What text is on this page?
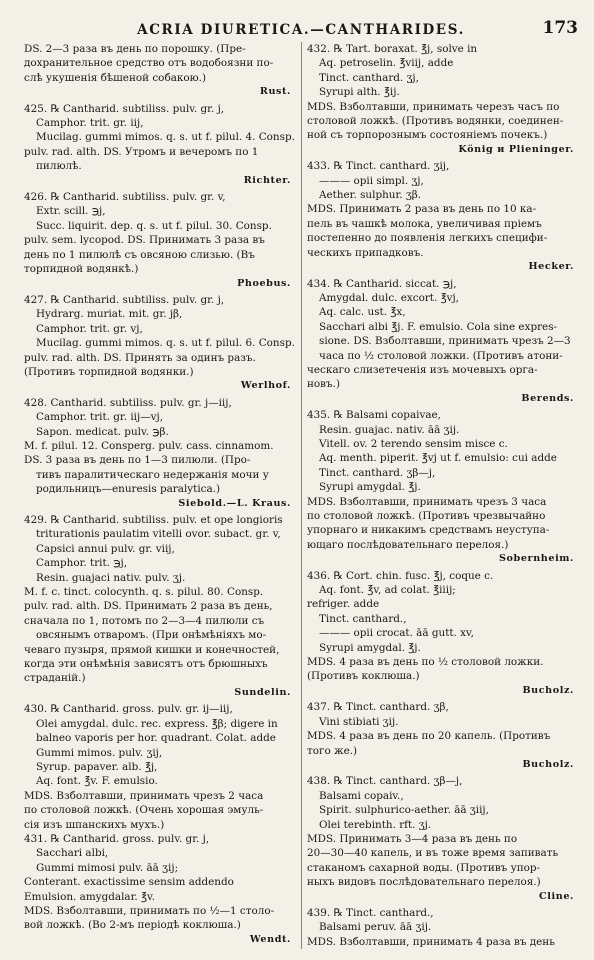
ACRIA DIURETICA.—CANTHARIDES.	173
DS. 2—3 раза въ день по порошку. (Пре-
дохранительное средство отъ водобоязни по-
слѣ укушенія бѣшеной собакою.)
Rust.
425. ℞ Cantharid. subtiliss. pulv. gr. j,
Camphor. trit. gr. iij,
Mucilag. gummi mimos. q. s. ut f. pilul. 4. Consp.
pulv. rad. alth. DS. Утромъ и вечеромъ по 1
пилюлѣ.
Richter.
426. ℞ Cantharid. subtiliss. pulv. gr. v,
Extr. scill. ℈j,
Succ. liquirit. dep. q. s. ut f. pilul. 30. Consp.
pulv. sem. lycopod. DS. Принимать 3 раза въ
день по 1 пилюлѣ съ овсяною слизью. (Въ
торпидной водянкѣ.)
Phoebus.
427. ℞ Cantharid. subtiliss. pulv. gr. j,
Hydrarg. muriat. mit. gr. jβ,
Camphor. trit. gr. vj,
Mucilag. gummi mimos. q. s. ut f. pilul. 6. Consp.
pulv. rad. alth. DS. Принять за одинъ разъ.
(Противъ торпидной водянки.)
Werlhof.
428. Cantharid. subtiliss. pulv. gr. j—iij,
Camphor. trit. gr. iij—vj,
Sapon. medicat. pulv. ℈β.
M. f. pilul. 12. Consperg. pulv. cass. cinnamom.
DS. 3 раза въ день по 1—3 пилюли. (Про-
тивъ паралитическаго недержанія мочи у
родильницъ—enuresis paralytica.)
Siebold.—L. Kraus.
429. ℞ Cantharid. subtiliss. pulv. et ope longioris
triturationis paulatim vitelli ovor. subact. gr. v,
Capsici annui pulv. gr. viij,
Camphor. trit. ℈j,
Resin. guajaci nativ. pulv. ʒj.
M. f. c. tinct. colocynth. q. s. pilul. 80. Consp.
pulv. rad. alth. DS. Принимать 2 раза въ день,
сначала по 1, потомъ по 2—3—4 пилюли съ
овсянымъ отваромъ. (При онѣмѣніяхъ мо-
чеваго пузыря, прямой кишки и конечностей,
когда эти онѣмѣнія зависятъ отъ брюшныхъ
страданій.)
Sundelin.
430. ℞ Cantharid. gross. pulv. gr. ij—iij,
Olei amygdal. dulc. rec. express. ℥β; digere in
balneo vaporis per hor. quadrant. Colat. adde
Gummi mimos. pulv. ʒij,
Syrup. papaver. alb. ℥j,
Aq. font. ℥v. F. emulsio.
MDS. Взболтавши, принимать чрезъ 2 часа
по столовой ложкѣ. (Очень хорошая эмуль-
сія изъ шпанскихъ мухъ.)
431. ℞ Cantharid. gross. pulv. gr. j,
Sacchari albi,
Gummi mimosi pulv. āā ʒij;
Conterant. exactissime sensim addendo
Emulsion. amygdalar. ℥v.
MDS. Взболтавши, принимать по ½—1 столо-
вой ложкѣ. (Во 2-мъ періодѣ коклюша.)
Wendt.
432. ℞ Tart. boraxat. ℥j, solve in
Aq. petroselin. ℥viij, adde
Tinct. canthard. ʒj,
Syrupi alth. ℥ij.
MDS. Взболтавши, принимать черезъ часъ по
столовой ложкѣ. (Противъ водянки, соединен-
ной съ торпорознымъ состояніемъ почекъ.)
König и Plieninger.
433. ℞ Tinct. canthard. ʒij,
——— opii simpl. ʒj,
Aether. sulphur. ʒβ.
MDS. Принимать 2 раза въ день по 10 ка-
пель въ чашкѣ молока, увеличивая пріемъ
постепенно до появленія легкихъ специфи-
ческихъ припадковъ.
Hecker.
434. ℞ Cantharid. siccat. ℈j,
Amygdal. dulc. excort. ℥vj,
Aq. calc. ust. ℥x,
Sacchari albi ℥j. F. emulsio. Cola sine expres-
sione. DS. Взболтавши, принимать чрезъ 2—3
часа по ½ столовой ложки. (Противъ атони-
ческаго слизетеченія изъ мочевыхъ орга-
новъ.)
Berends.
435. ℞ Balsami copaivae,
Resin. guajac. nativ. āā ʒij.
Vitell. ov. 2 terendo sensim misce c.
Aq. menth. piperit. ℥vj ut f. emulsio: cui adde
Tinct. canthard. ʒβ—j,
Syrupi amygdal. ℥j.
MDS. Взболтавши, принимать чрезъ 3 часа
по столовой ложкѣ. (Противъ чрезвычайно
упорнаго и никакимъ средствамъ неуступа-
ющаго послѣдовательнаго перелоя.)
Sobernheim.
436. ℞ Cort. chin. fusc. ℥j, coque c.
Aq. font. ℥v, ad colat. ℥iiij;
refriger. adde
Tinct. canthard.,
——— opii crocat. āā gutt. xv,
Syrupi amygdal. ℥j.
MDS. 4 раза въ день по ½ столовой ложки.
(Противъ коклюша.)
Bucholz.
437. ℞ Tinct. canthard. ʒβ,
Vini stibiati ʒij.
MDS. 4 раза въ день по 20 капель. (Противъ
того же.)
Bucholz.
438. ℞ Tinct. canthard. ʒβ—j,
Balsami copaiv.,
Spirit. sulphurico-aether. āā ʒiij,
Olei terebinth. rft. ʒj.
MDS. Принимать 3—4 раза въ день по
20—30—40 капель, и въ тоже время запивать
стаканомъ сахарной воды. (Противъ упор-
ныхъ видовъ послѣдовательнаго перелоя.)
Cline.
439. ℞ Tinct. canthard.,
Balsami peruv. āā ʒij.
MDS. Взболтавши, принимать 4 раза въ день
